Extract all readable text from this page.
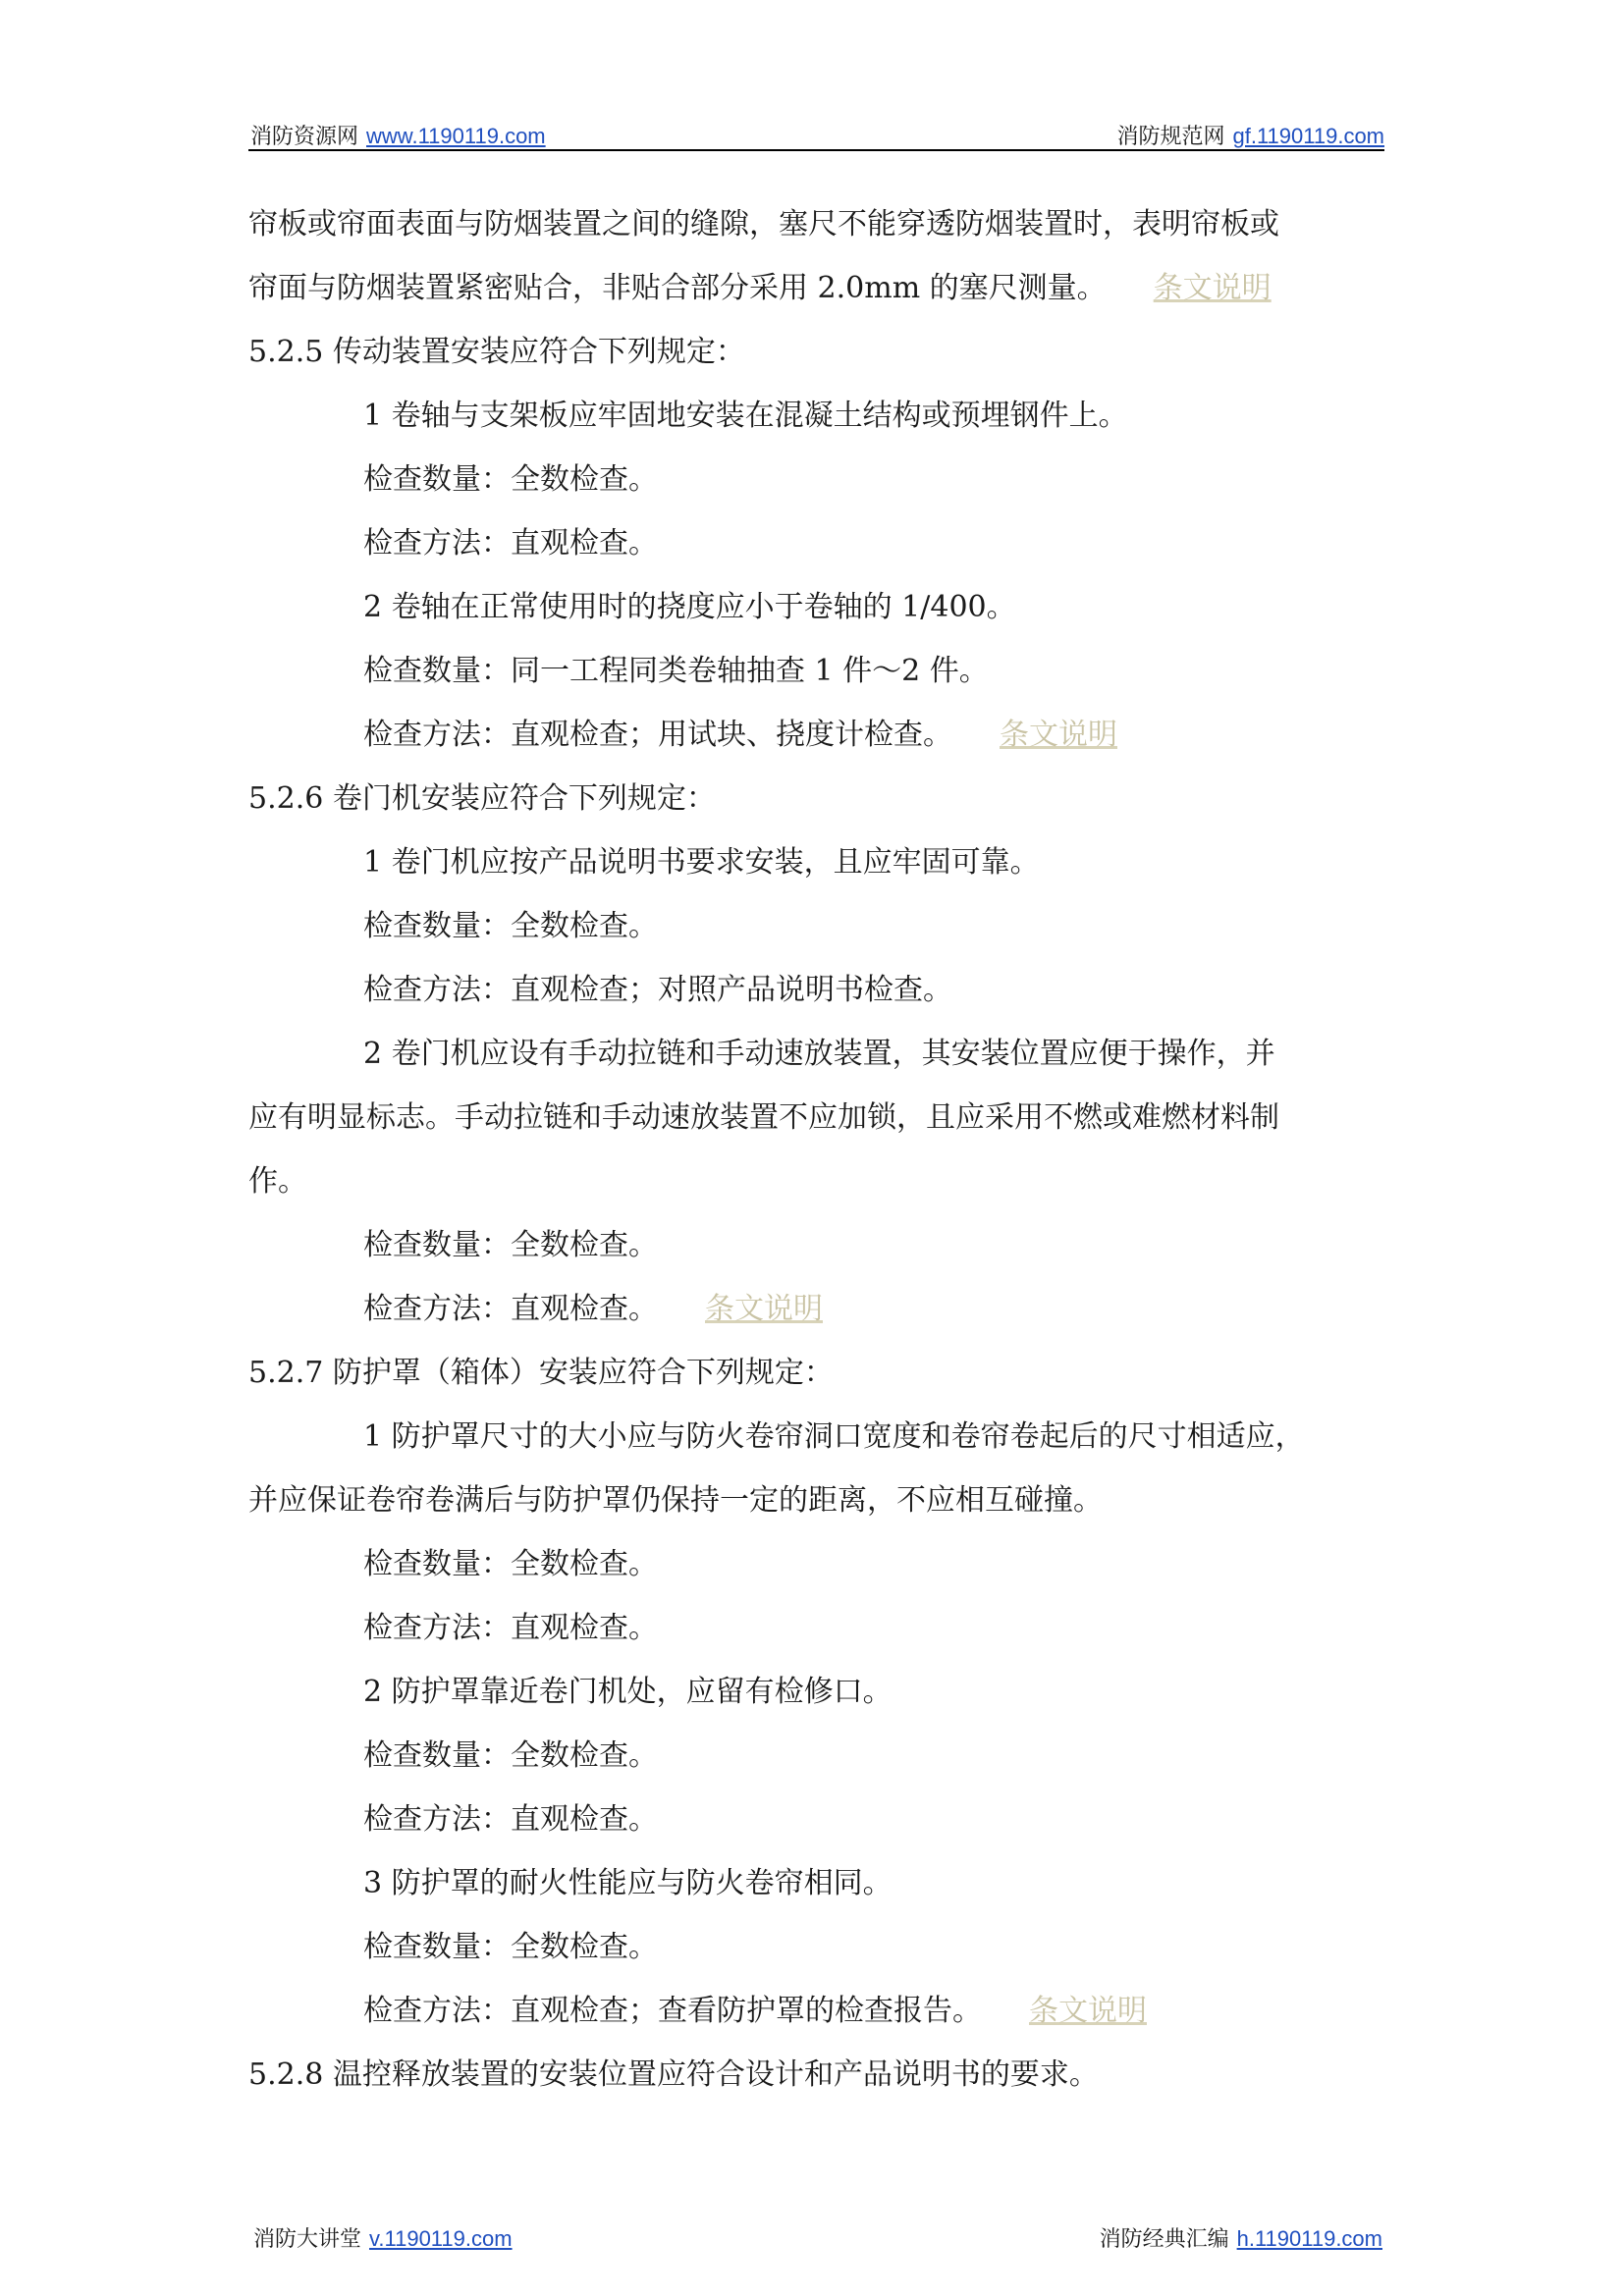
消防资源网 www.1190119.com	消防规范网 gf.1190119.com
帘板或帘面表面与防烟装置之间的缝隙，塞尺不能穿透防烟装置时，表明帘板或
帘面与防烟装置紧密贴合，非贴合部分采用 2.0mm 的塞尺测量。 条文说明
5.2.5 传动装置安装应符合下列规定：
1 卷轴与支架板应牢固地安装在混凝土结构或预埋钢件上。
检查数量：全数检查。
检查方法：直观检查。
2 卷轴在正常使用时的挠度应小于卷轴的 1/400。
检查数量：同一工程同类卷轴抽查 1 件～2 件。
检查方法：直观检查；用试块、挠度计检查。 条文说明
5.2.6 卷门机安装应符合下列规定：
1 卷门机应按产品说明书要求安装，且应牢固可靠。
检查数量：全数检查。
检查方法：直观检查；对照产品说明书检查。
2 卷门机应设有手动拉链和手动速放装置，其安装位置应便于操作，并
应有明显标志。手动拉链和手动速放装置不应加锁，且应采用不燃或难燃材料制
作。
检查数量：全数检查。
检查方法：直观检查。 条文说明
5.2.7 防护罩（箱体）安装应符合下列规定：
1 防护罩尺寸的大小应与防火卷帘洞口宽度和卷帘卷起后的尺寸相适应，
并应保证卷帘卷满后与防护罩仍保持一定的距离，不应相互碰撞。
检查数量：全数检查。
检查方法：直观检查。
2 防护罩靠近卷门机处，应留有检修口。
检查数量：全数检查。
检查方法：直观检查。
3 防护罩的耐火性能应与防火卷帘相同。
检查数量：全数检查。
检查方法：直观检查；查看防护罩的检查报告。 条文说明
5.2.8 温控释放装置的安装位置应符合设计和产品说明书的要求。
消防大讲堂 v.1190119.com	消防经典汇编 h.1190119.com
